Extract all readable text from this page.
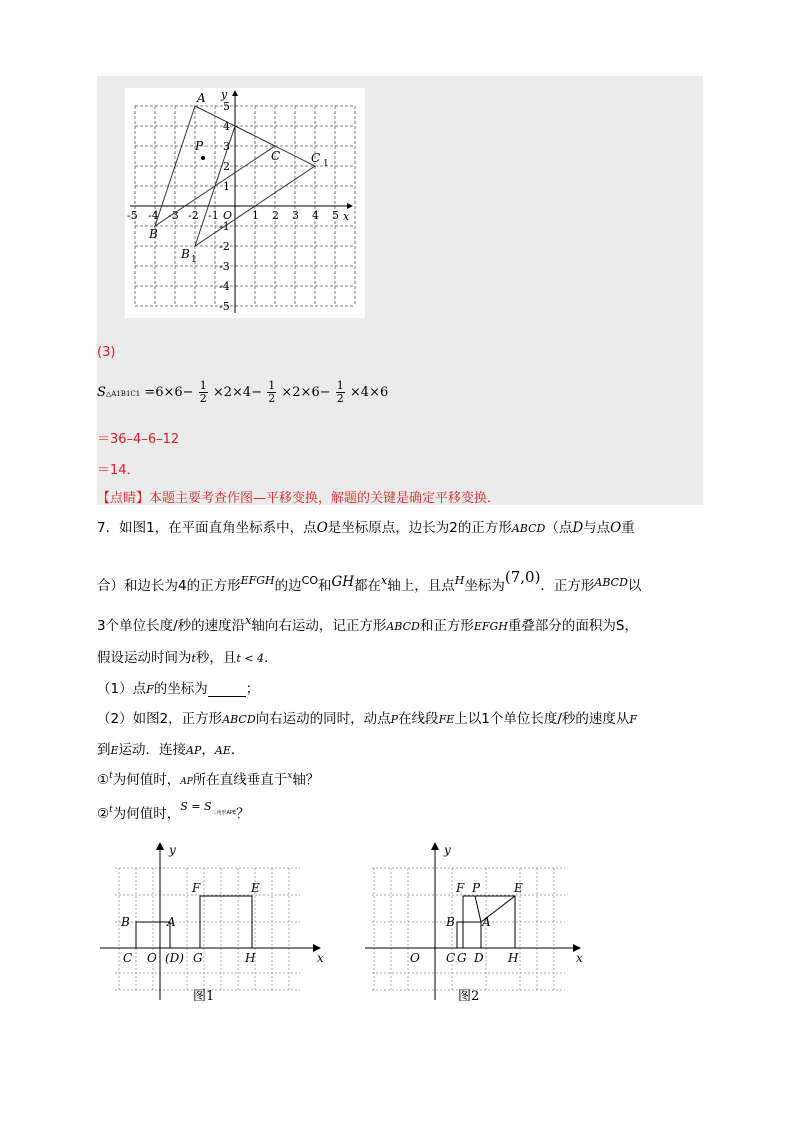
x
y
-5 -4 -3 -2 -1 O 1 2 3 4 5
5
4
3
2
1
-1
-2
-3
-4
-5
A
B
C
P
C 1
B 1
(3)
S△A1B1C1 $=6\times 6- \frac{1}{2} \times 2\times 4- \frac{1}{2} \times 2\times 6- \frac{1}{2} \times 4\times 6$
＝36–4–6–12
＝14．
【点睛】本题主要考查作图—平移变换，解题的关键是确定平移变换．
7．如图1，在平面直角坐标系中，点O是坐标原点，边长为2的正方形ABCD（点D与点O重
合）和边长为4的正方形$^{EFGH}$的边$^{CO}$和GH都在$^x$轴上，且点$^H$坐标为(7,0)．正方形$^{ABCD}$以
3个单位长度/秒的速度沿$^x$轴向右运动，记正方形ABCD和正方形EFGH重叠部分的面积为S，
假设运动时间为t秒，且t < 4．
（1）点F的坐标为	；
（2）如图2，正方形ABCD向右运动的同时，动点P在线段FE上以1个单位长度/秒的速度从F
到E运动．连接AP，AE．
①$^t$为何值时，AP所在直线垂直于$^x$轴？
②$^t$为何值时，$^{S = S三角形APE}$？
x
y
B	A
C O (D) G	H
F	E
图1
x
y
F P	E
B A
O C G D H
图2
